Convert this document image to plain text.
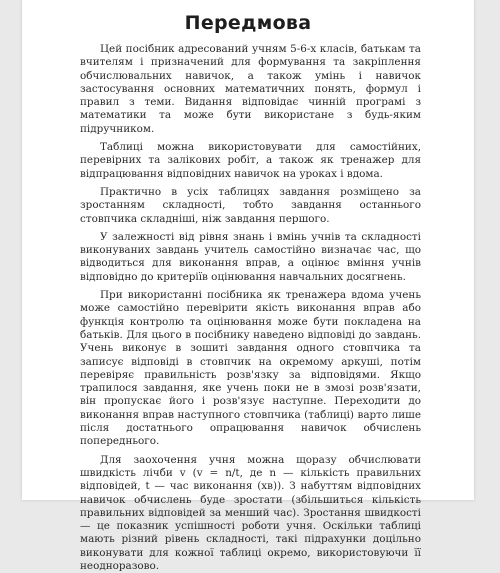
Передмова

Цей посібник адресований учням 5-6-х класів, батькам та вчителям і призначений для формування та закріплення обчислювальних навичок, а також умінь і навичок застосування основних математичних понять, формул і правил з теми. Видання відповідає чинній програмі з математики та може бути використане з будь-яким підручником.

Таблиці можна використовувати для самостійних, перевірних та залікових робіт, а також як тренажер для відпрацювання відповідних навичок на уроках і вдома.

Практично в усіх таблицях завдання розміщено за зростанням складності, тобто завдання останнього стовпчика складніші, ніж завдання першого.

У залежності від рівня знань і вмінь учнів та складності виконуваних завдань учитель самостійно визначає час, що відводиться для виконання вправ, а оцінює вміння учнів відповідно до критеріїв оцінювання навчальних досягнень.

При використанні посібника як тренажера вдома учень може самостійно перевірити якість виконання вправ або функція контролю та оцінювання може бути покладена на батьків. Для цього в посібнику наведено відповіді до завдань. Учень виконує в зошиті завдання одного стовпчика та записує відповіді в стовпчик на окремому аркуші, потім перевіряє правильність розв'язку за відповідями. Якщо трапилося завдання, яке учень поки не в змозі розв'язати, він пропускає його і розв'язує наступне. Переходити до виконання вправ наступного стовпчика (таблиці) варто лише після достатнього опрацювання навичок обчислень попереднього.

Для заохочення учня можна щоразу обчислювати швидкість лічби v (v = n/t, де n — кількість правильних відповідей, t — час виконання (хв)). З набуттям відповідних навичок обчислень буде зростати (збільшиться кількість правильних відповідей за менший час). Зростання швидкості — це показник успішності роботи учня. Оскільки таблиці мають різний рівень складності, такі підрахунки доцільно виконувати для кожної таблиці окремо, використовуючи її неодноразово.
